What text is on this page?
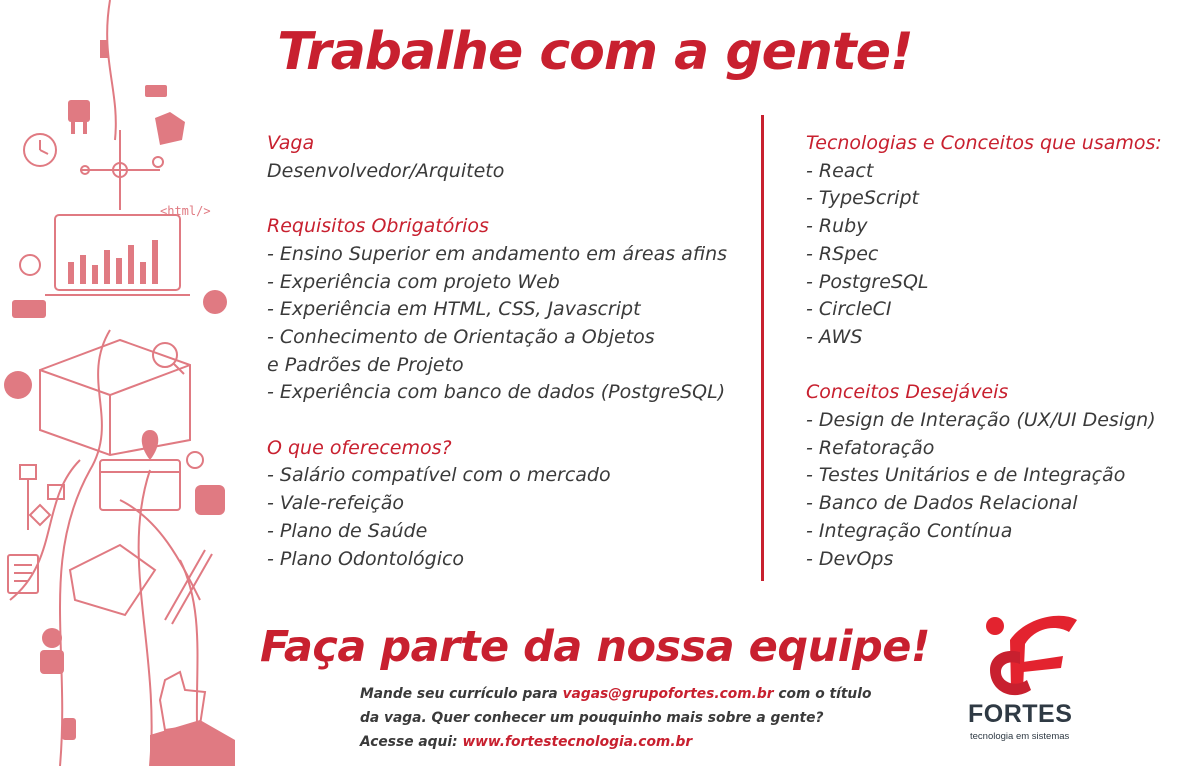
<html/>
Trabalhe com a gente!
Vaga
Desenvolvedor/Arquiteto
Requisitos Obrigatórios
- Ensino Superior em andamento em áreas afins
- Experiência com projeto Web
- Experiência em HTML, CSS, Javascript
- Conhecimento de Orientação a Objetos
e Padrões de Projeto
- Experiência com banco de dados (PostgreSQL)
O que oferecemos?
- Salário compatível com o mercado
- Vale-refeição
- Plano de Saúde
- Plano Odontológico
Tecnologias e Conceitos que usamos:
- React
- TypeScript
- Ruby
- RSpec
- PostgreSQL
- CircleCI
- AWS
Conceitos Desejáveis
- Design de Interação (UX/UI Design)
- Refatoração
- Testes Unitários e de Integração
- Banco de Dados Relacional
- Integração Contínua
- DevOps
Faça parte da nossa equipe!
Mande seu currículo para vagas@grupofortes.com.br com o título
da vaga. Quer conhecer um pouquinho mais sobre a gente?
Acesse aqui: www.fortestecnologia.com.br
FORTES
tecnologia em sistemas
